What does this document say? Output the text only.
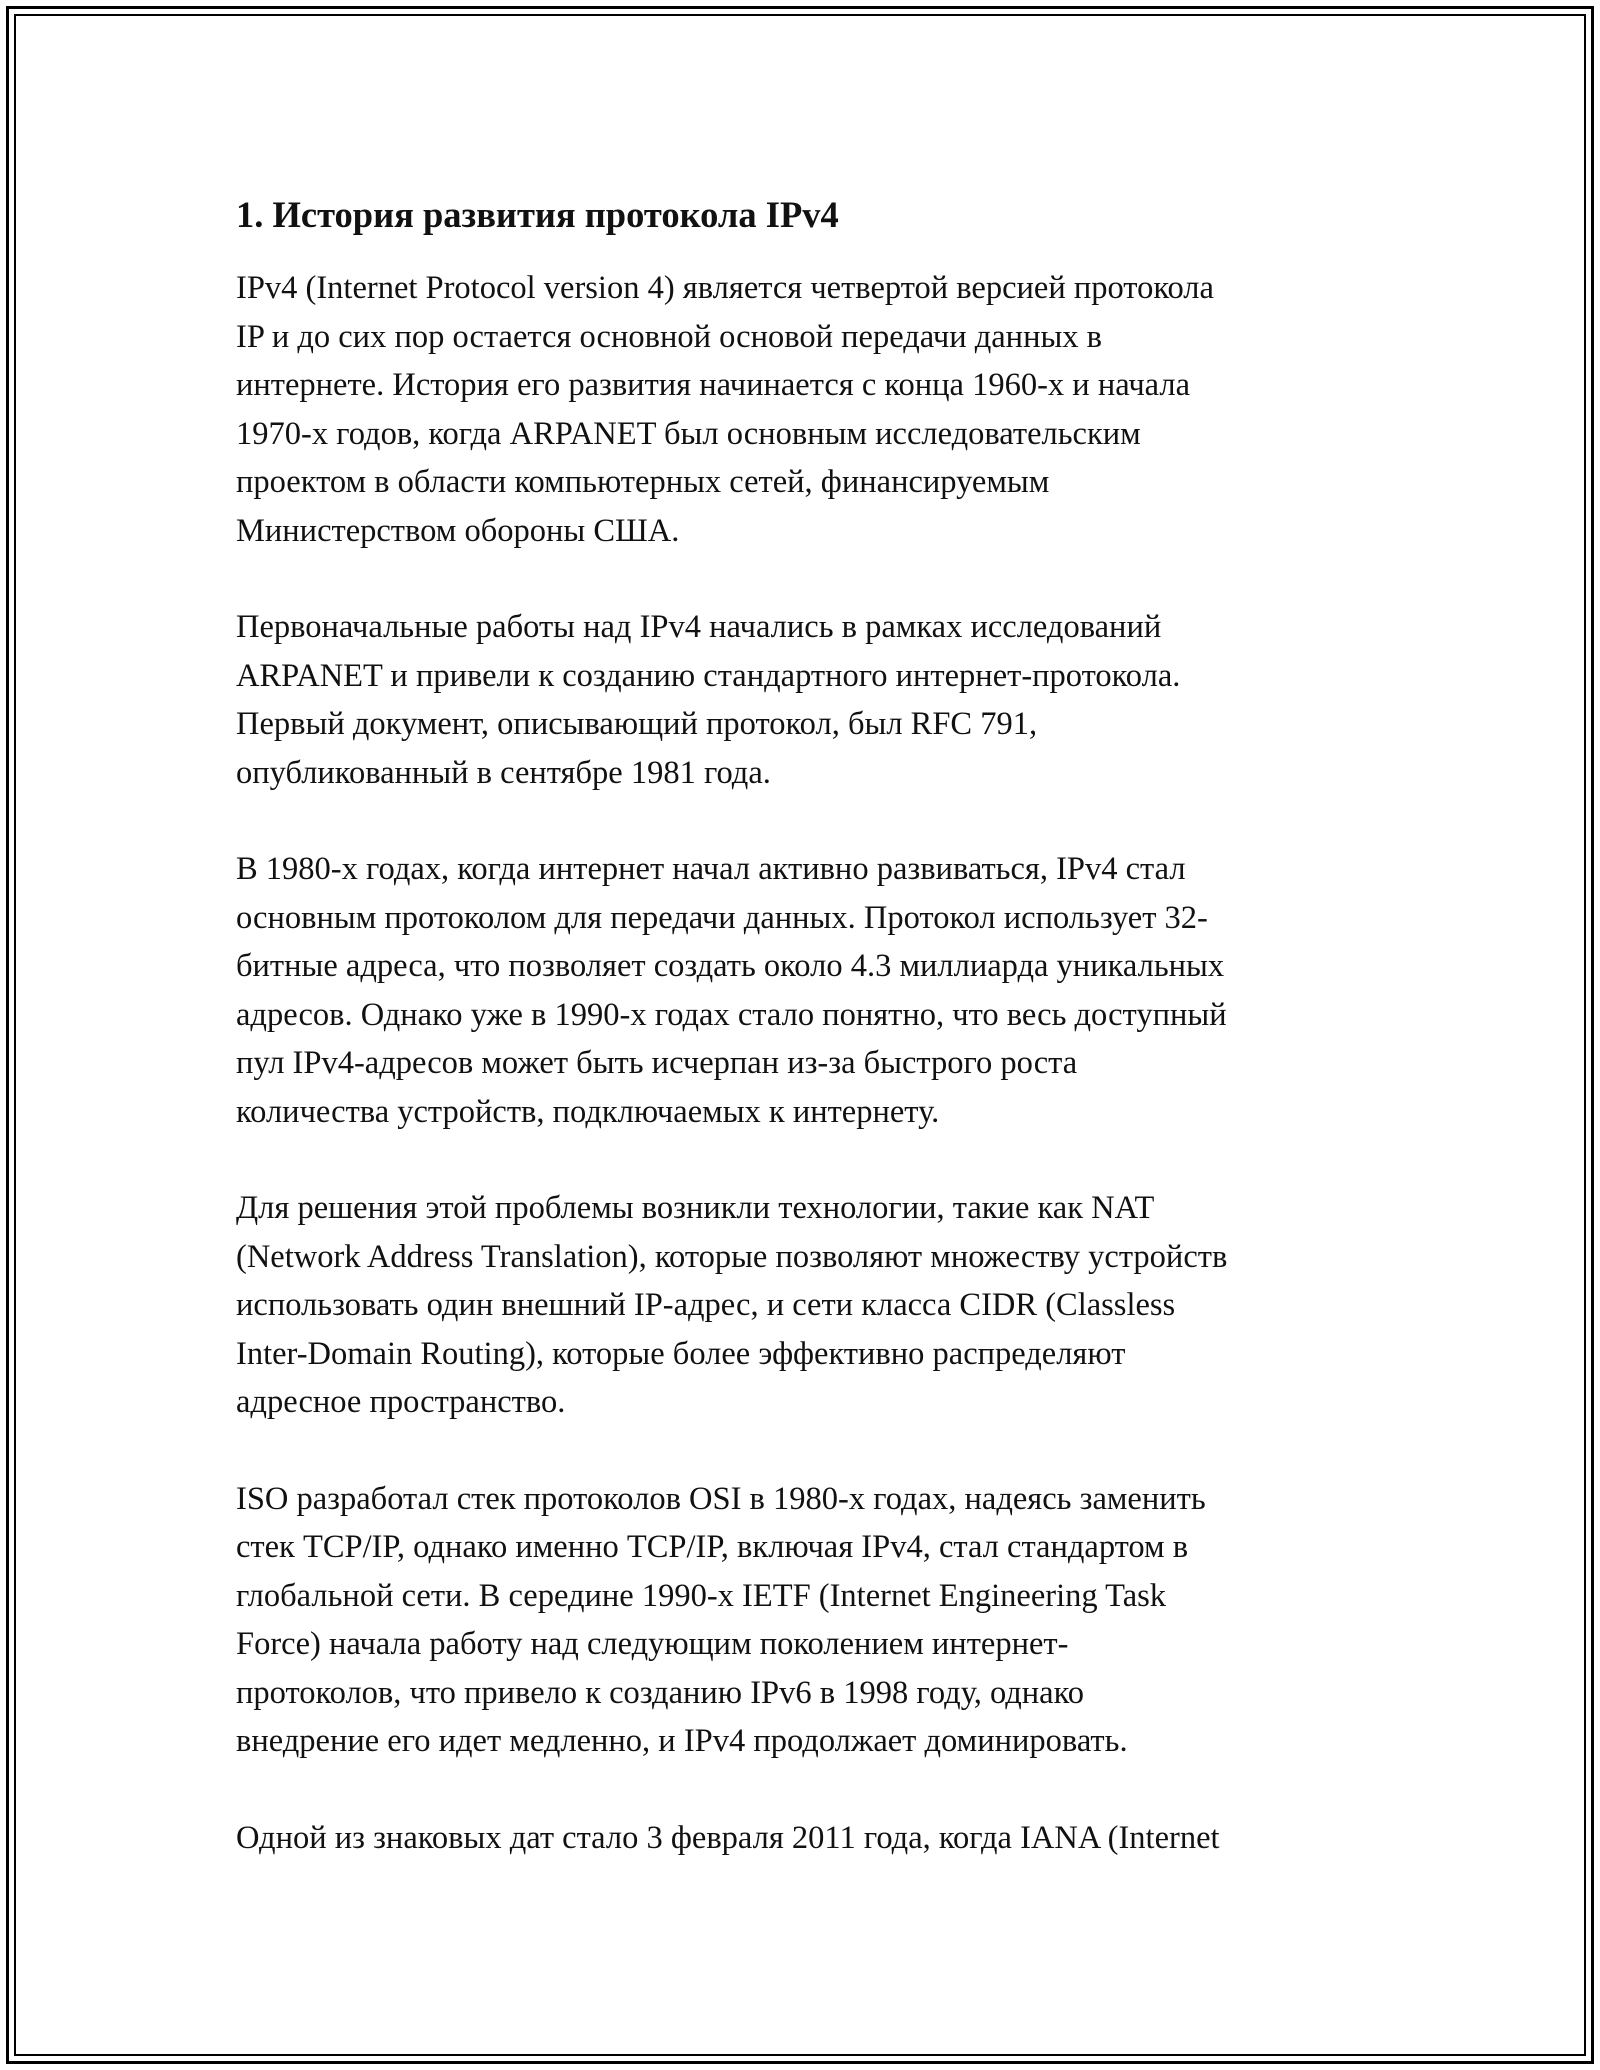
1. История развития протокола IPv4

IPv4 (Internet Protocol version 4) является четвертой версией протокола
IP и до сих пор остается основной основой передачи данных в
интернете. История его развития начинается с конца 1960-х и начала
1970-х годов, когда ARPANET был основным исследовательским
проектом в области компьютерных сетей, финансируемым
Министерством обороны США.

Первоначальные работы над IPv4 начались в рамках исследований
ARPANET и привели к созданию стандартного интернет-протокола.
Первый документ, описывающий протокол, был RFC 791,
опубликованный в сентябре 1981 года.

В 1980-х годах, когда интернет начал активно развиваться, IPv4 стал
основным протоколом для передачи данных. Протокол использует 32-
битные адреса, что позволяет создать около 4.3 миллиарда уникальных
адресов. Однако уже в 1990-х годах стало понятно, что весь доступный
пул IPv4-адресов может быть исчерпан из-за быстрого роста
количества устройств, подключаемых к интернету.

Для решения этой проблемы возникли технологии, такие как NAT
(Network Address Translation), которые позволяют множеству устройств
использовать один внешний IP-адрес, и сети класса CIDR (Classless
Inter-Domain Routing), которые более эффективно распределяют
адресное пространство.

ISO разработал стек протоколов OSI в 1980-х годах, надеясь заменить
стек TCP/IP, однако именно TCP/IP, включая IPv4, стал стандартом в
глобальной сети. В середине 1990-х IETF (Internet Engineering Task
Force) начала работу над следующим поколением интернет-
протоколов, что привело к созданию IPv6 в 1998 году, однако
внедрение его идет медленно, и IPv4 продолжает доминировать.

Одной из знаковых дат стало 3 февраля 2011 года, когда IANA (Internet
